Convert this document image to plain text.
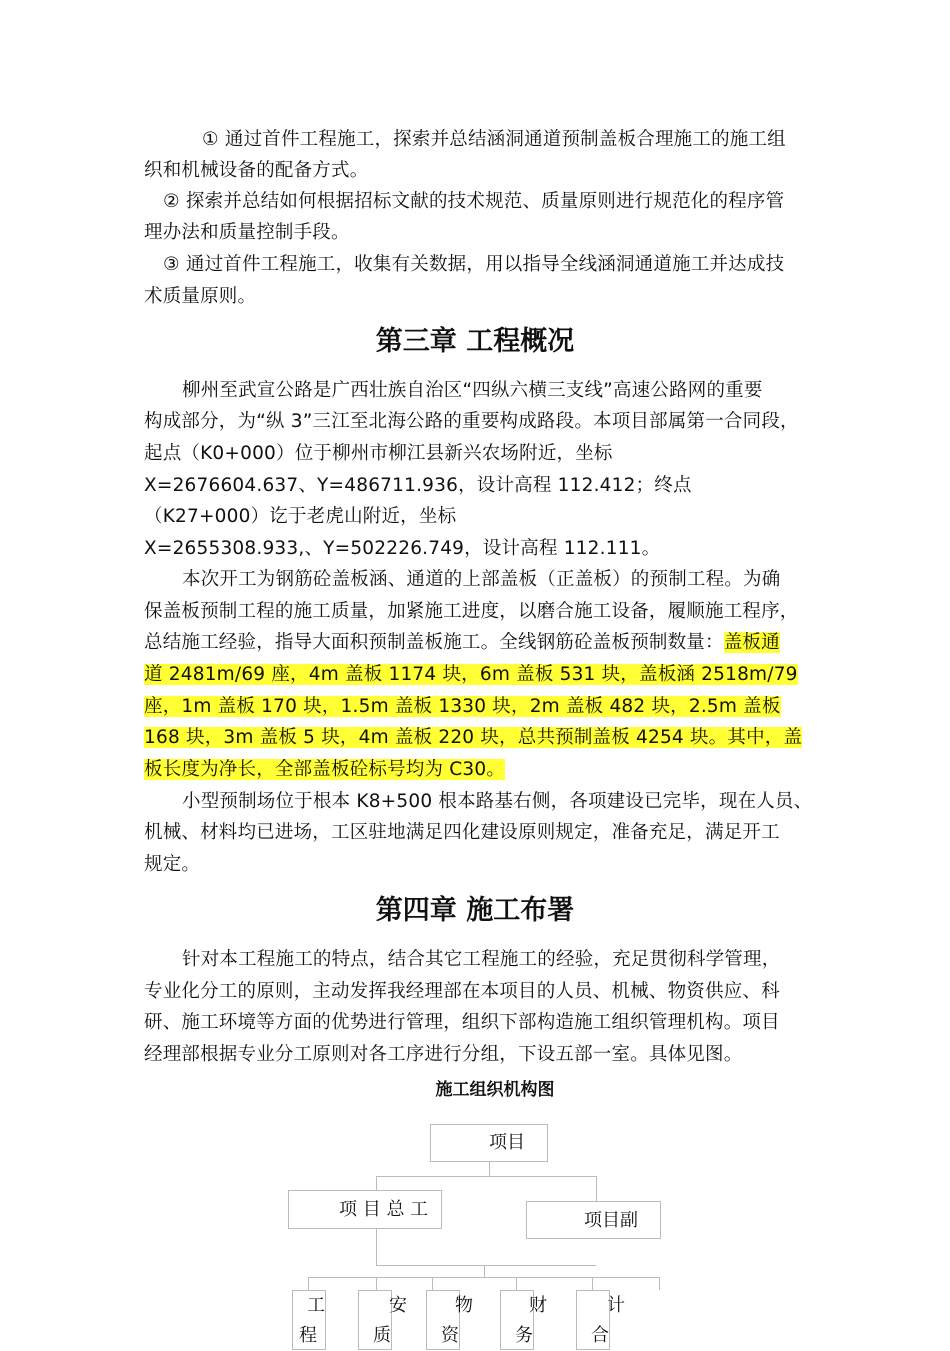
① 通过首件工程施工，探索并总结涵洞通道预制盖板合理施工的施工组
织和机械设备的配备方式。
② 探索并总结如何根据招标文献的技术规范、质量原则进行规范化的程序管
理办法和质量控制手段。
③ 通过首件工程施工，收集有关数据，用以指导全线涵洞通道施工并达成技
术质量原则。
第三章 工程概况
柳州至武宣公路是广西壮族自治区“四纵六横三支线”高速公路网的重要
构成部分，为“纵 3”三江至北海公路的重要构成路段。本项目部属第一合同段，
起点（K0+000）位于柳州市柳江县新兴农场附近，坐标
X=2676604.637、Y=486711.936，设计高程 112.412；终点
（K27+000）讫于老虎山附近，坐标
X=2655308.933,、Y=502226.749，设计高程 112.111。
本次开工为钢筋砼盖板涵、通道的上部盖板（正盖板）的预制工程。为确
保盖板预制工程的施工质量，加紧施工进度，以磨合施工设备，履顺施工程序，
总结施工经验，指导大面积预制盖板施工。全线钢筋砼盖板预制数量：盖板通
道 2481m/69 座，4m 盖板 1174 块，6m 盖板 531 块，盖板涵 2518m/79
座，1m 盖板 170 块，1.5m 盖板 1330 块，2m 盖板 482 块，2.5m 盖板
168 块，3m 盖板 5 块，4m 盖板 220 块，总共预制盖板 4254 块。其中，盖
板长度为净长，全部盖板砼标号均为 C30。
小型预制场位于根本 K8+500 根本路基右侧，各项建设已完毕，现在人员、
机械、材料均已进场，工区驻地满足四化建设原则规定，准备充足，满足开工
规定。
第四章 施工布署
针对本工程施工的特点，结合其它工程施工的经验，充足贯彻科学管理，
专业化分工的原则，主动发挥我经理部在本项目的人员、机械、物资供应、科
研、施工环境等方面的优势进行管理，组织下部构造施工组织管理机构。项目
经理部根据专业分工原则对各工序进行分组，下设五部一室。具体见图。
施工组织机构图
项目
项 目 总 工
项目副
工
程
安
质
物
资
财
务
计
合
